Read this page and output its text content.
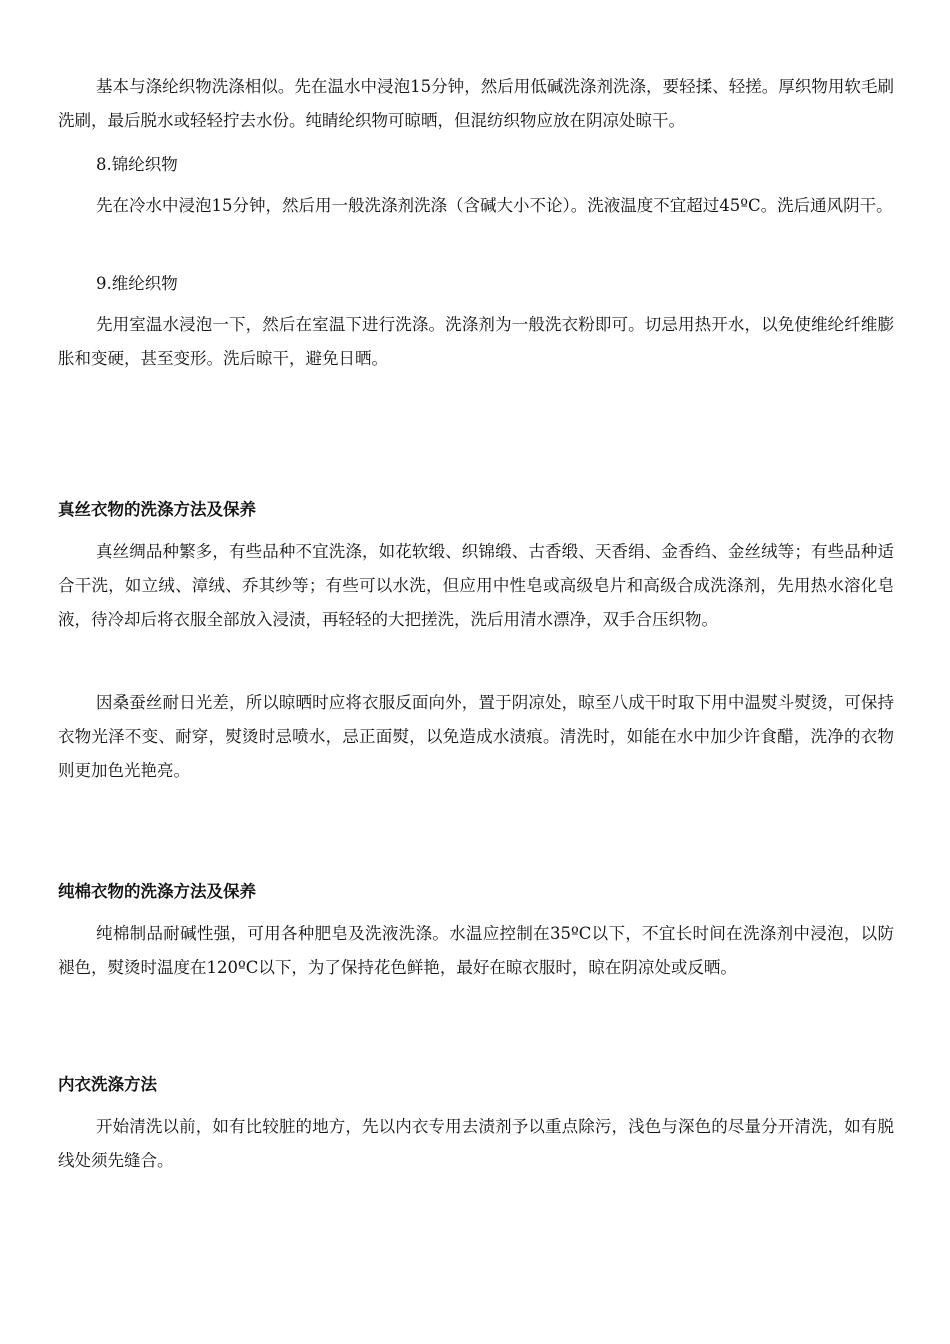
基本与涤纶织物洗涤相似。先在温水中浸泡15分钟，然后用低碱洗涤剂洗涤，要轻揉、轻搓。厚织物用软毛刷洗刷，最后脱水或轻轻拧去水份。纯睛纶织物可晾晒，但混纺织物应放在阴凉处晾干。

8.锦纶织物

先在冷水中浸泡15分钟，然后用一般洗涤剂洗涤（含碱大小不论）。洗液温度不宜超过45ºC。洗后通风阴干。

9.维纶织物

先用室温水浸泡一下，然后在室温下进行洗涤。洗涤剂为一般洗衣粉即可。切忌用热开水，以免使维纶纤维膨胀和变硬，甚至变形。洗后晾干，避免日晒。

真丝衣物的洗涤方法及保养

真丝绸品种繁多，有些品种不宜洗涤，如花软缎、织锦缎、古香缎、天香绢、金香绉、金丝绒等；有些品种适合干洗，如立绒、漳绒、乔其纱等；有些可以水洗，但应用中性皂或高级皂片和高级合成洗涤剂，先用热水溶化皂液，待冷却后将衣服全部放入浸渍，再轻轻的大把搓洗，洗后用清水漂净，双手合压织物。

因桑蚕丝耐日光差，所以晾晒时应将衣服反面向外，置于阴凉处，晾至八成干时取下用中温熨斗熨烫，可保持衣物光泽不变、耐穿，熨烫时忌喷水，忌正面熨，以免造成水渍痕。清洗时，如能在水中加少许食醋，洗净的衣物则更加色光艳亮。

纯棉衣物的洗涤方法及保养

纯棉制品耐碱性强，可用各种肥皂及洗液洗涤。水温应控制在35ºC以下，不宜长时间在洗涤剂中浸泡，以防褪色，熨烫时温度在120ºC以下，为了保持花色鲜艳，最好在晾衣服时，晾在阴凉处或反晒。

内衣洗涤方法

开始清洗以前，如有比较脏的地方，先以内衣专用去渍剂予以重点除污，浅色与深色的尽量分开清洗，如有脱线处须先缝合。
